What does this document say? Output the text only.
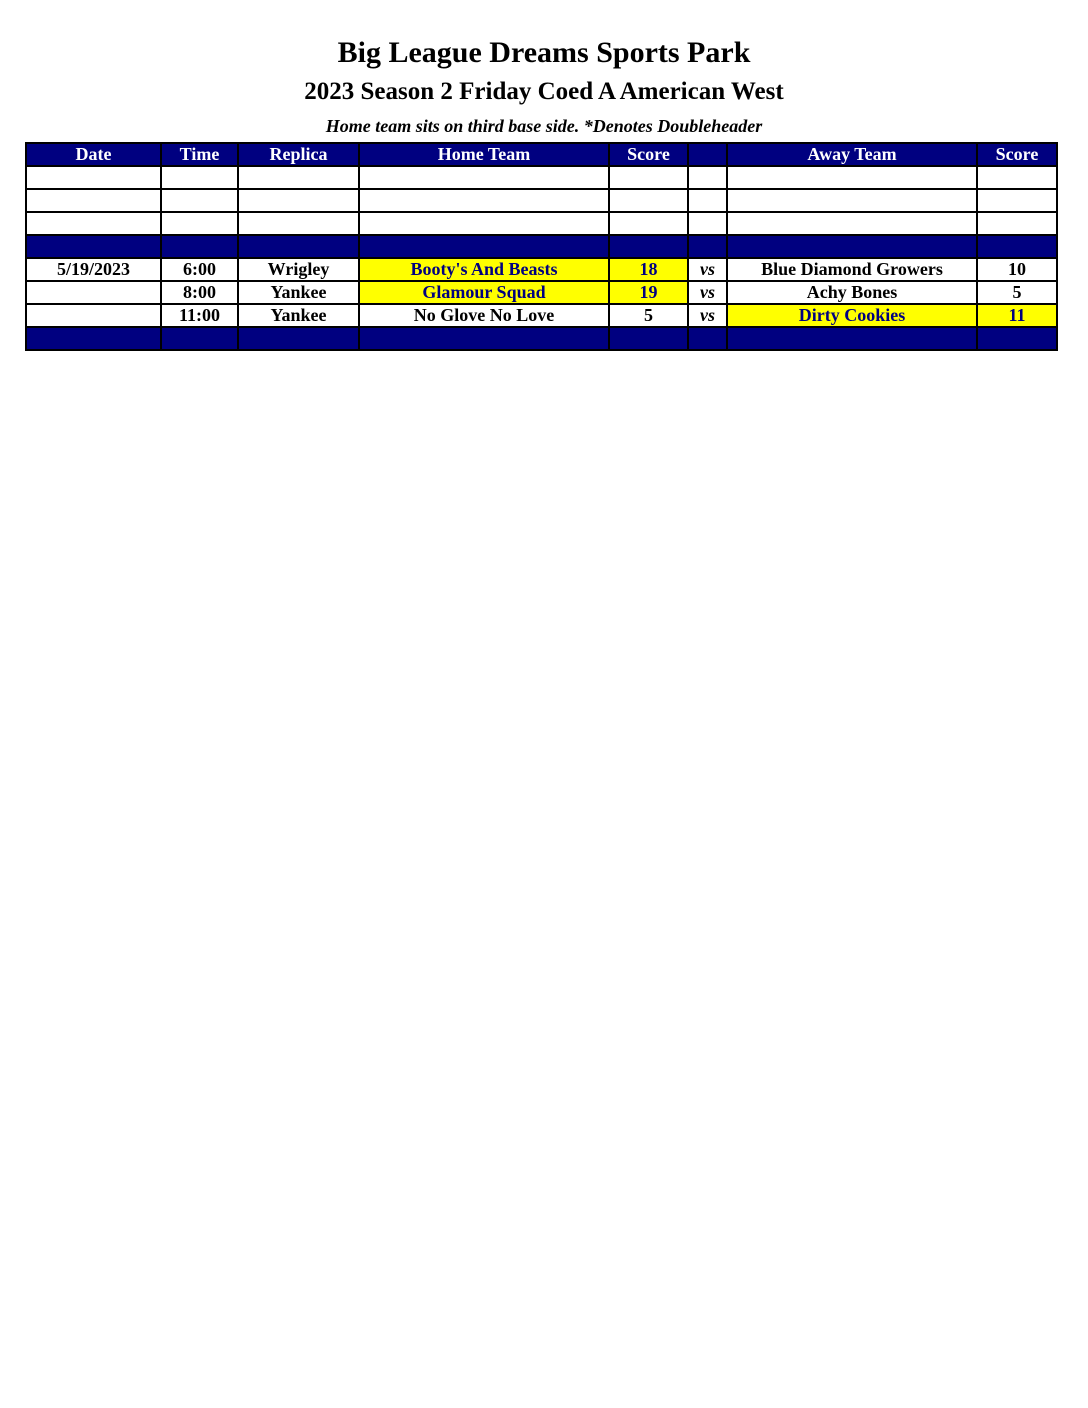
Big League Dreams Sports Park
2023 Season 2 Friday Coed A American West
Home team sits on third base side. *Denotes Doubleheader
Date	Time	Replica	Home Team	Score		Away Team	Score

5/19/2023	6:00	Wrigley	Booty's And Beasts	18	vs	Blue Diamond Growers	10
	8:00	Yankee	Glamour Squad	19	vs	Achy Bones	5
	11:00	Yankee	No Glove No Love	5	vs	Dirty Cookies	11
